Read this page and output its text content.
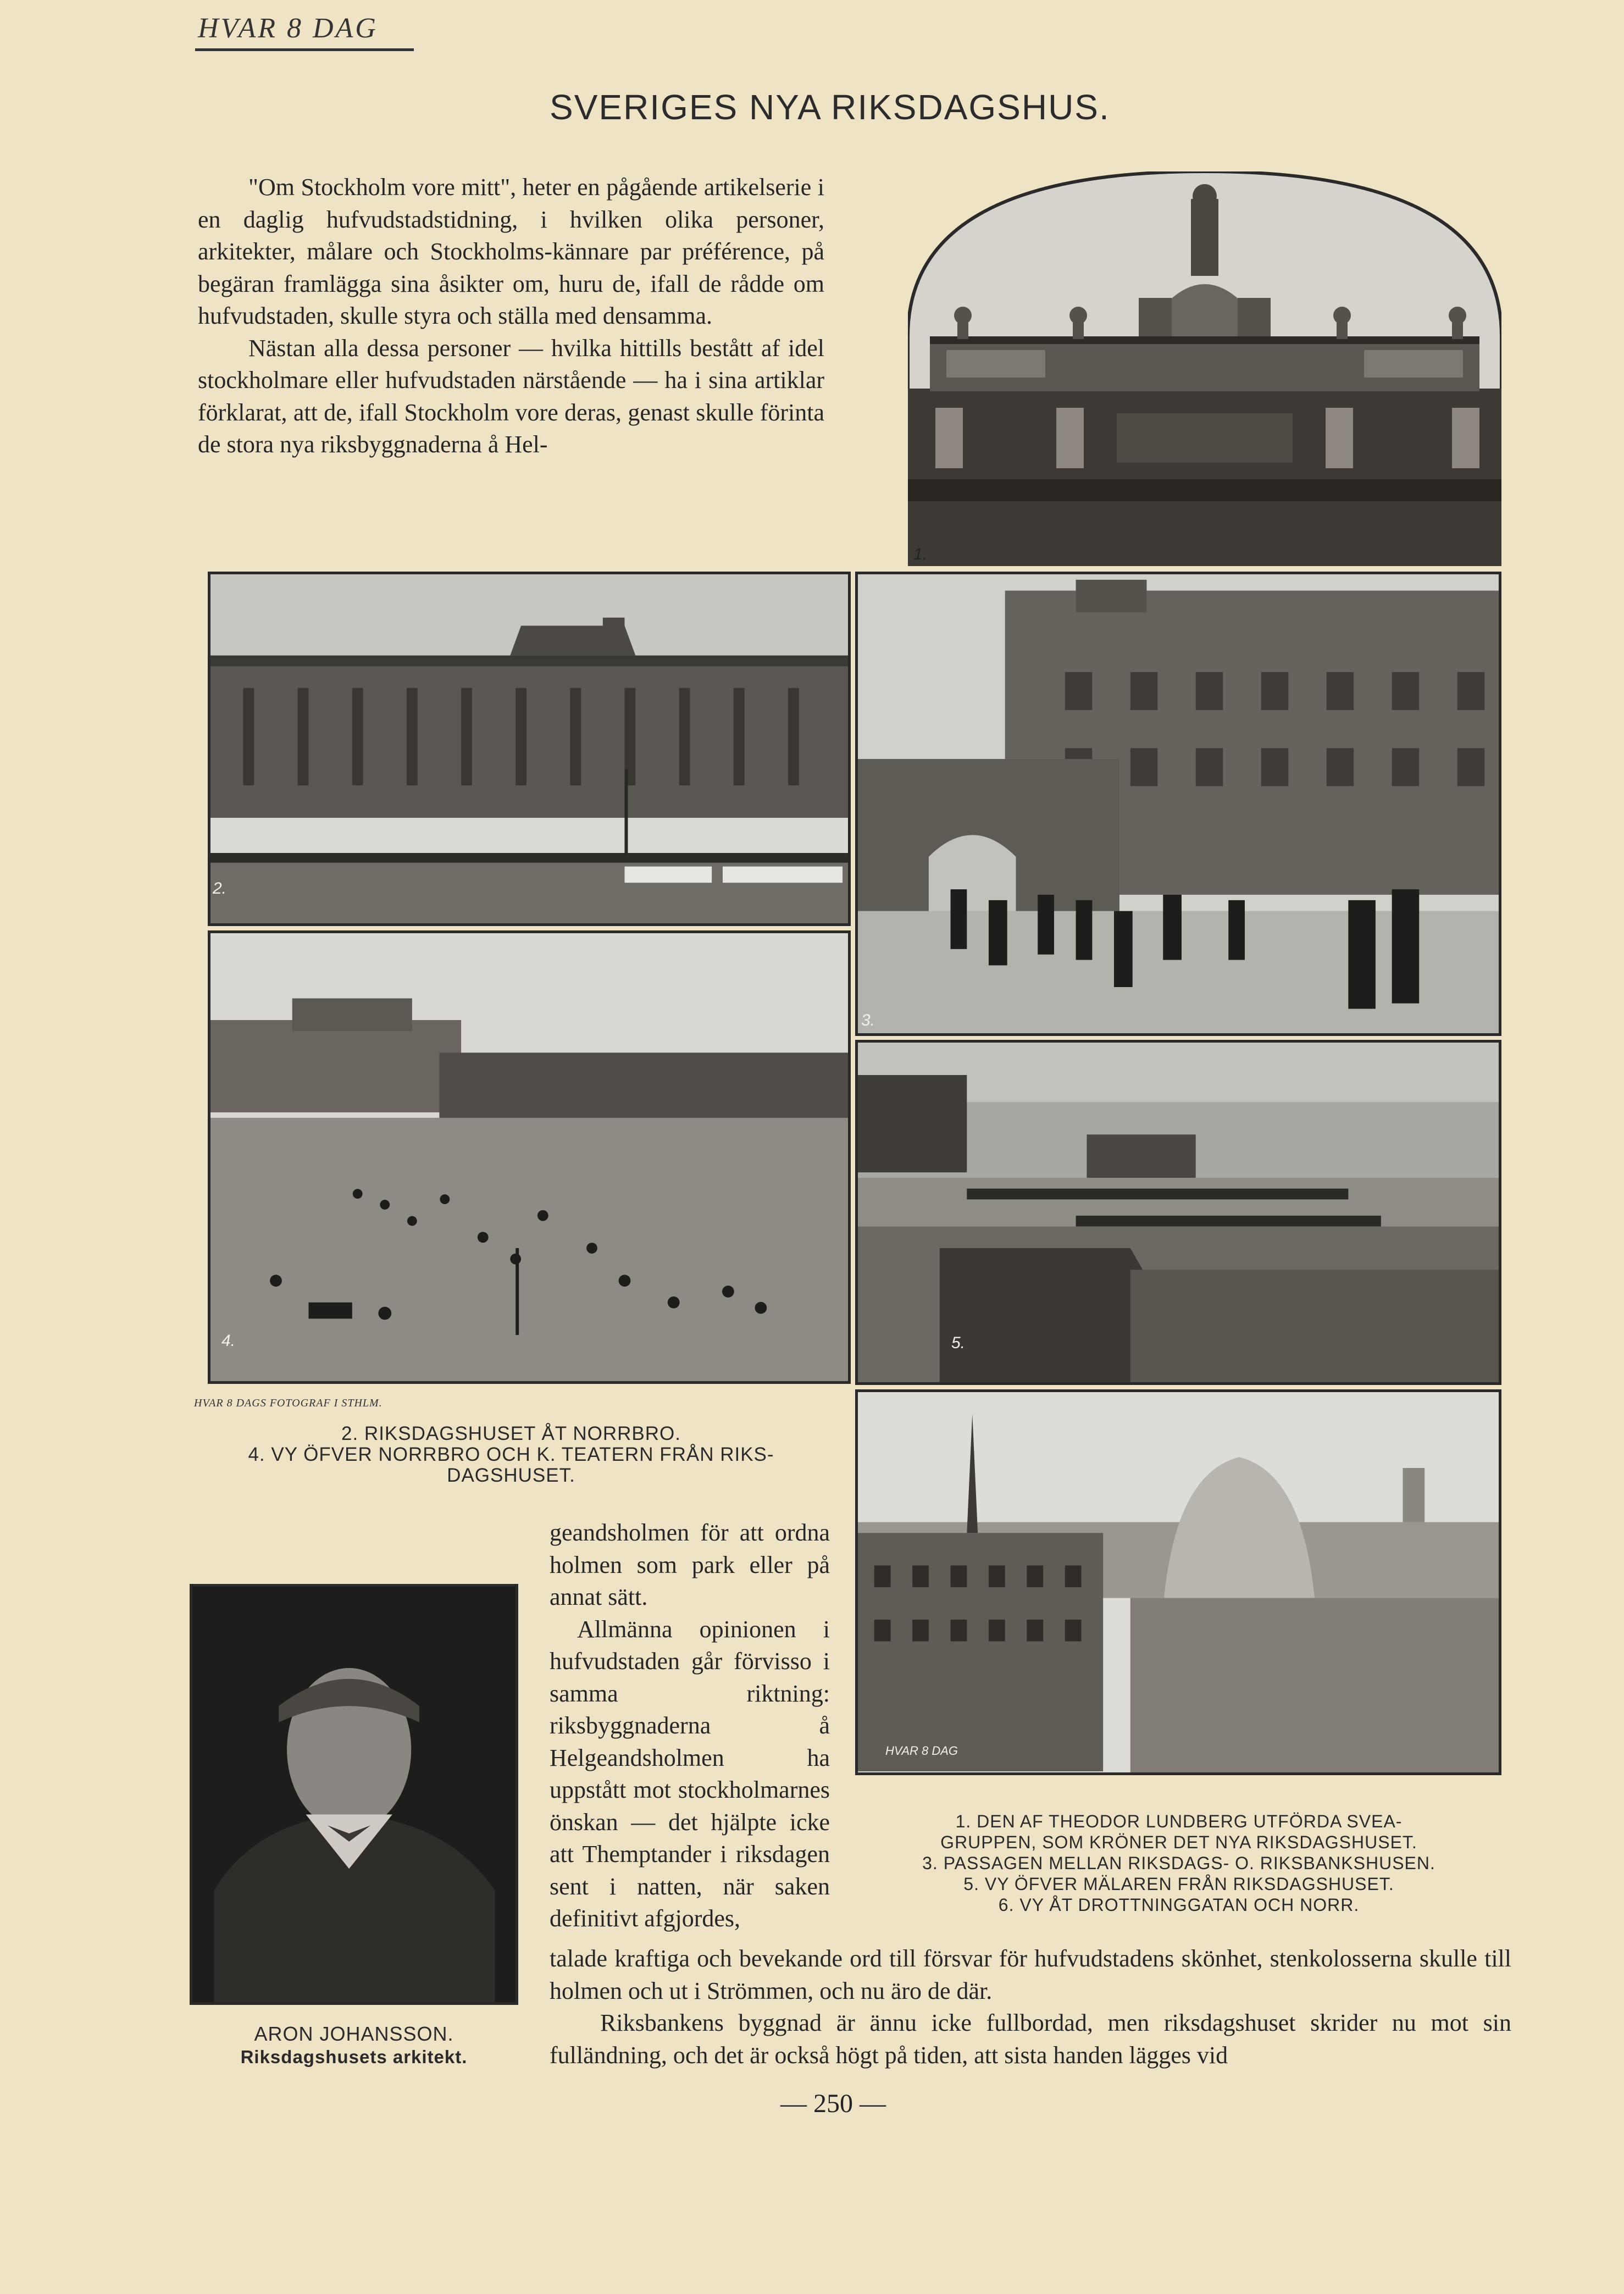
HVAR 8 DAG
SVERIGES NYA RIKSDAGSHUS.

"Om Stockholm vore mitt", heter en pågående artikelserie i en daglig hufvudstadstidning, i hvilken olika personer, arkitekter, målare och Stockholms-kännare par préférence, på begäran framlägga sina åsikter om, huru de, ifall de rådde om hufvudstaden, skulle styra och ställa med densamma.

Nästan alla dessa personer — hvilka hittills bestått af idel stockholmare eller hufvudstaden närstående — ha i sina artiklar förklarat, att de, ifall Stockholm vore deras, genast skulle förinta de stora nya riksbyggnaderna å Hel-

1.
2.
3.
4.	5.
HVAR 8 DAG
HVAR 8 DAGS FOTOGRAF I STHLM.
2. RIKSDAGSHUSET ÅT NORRBRO.
4. VY ÖFVER NORRBRO OCH K. TEATERN FRÅN RIKS-
DAGSHUSET.

geandsholmen för att ordna holmen som park eller på annat sätt.

Allmänna opinionen i hufvudstaden går förvisso i samma riktning: riksbyggnaderna å Helgeandsholmen ha uppstått mot stockholmarnes önskan — det hjälpte icke att Themptander i riksdagen sent i natten, när saken definitivt afgjordes,

ARON JOHANSSON.
Riksdagshusets arkitekt.
1. DEN AF THEODOR LUNDBERG UTFÖRDA SVEA-
GRUPPEN, SOM KRÖNER DET NYA RIKSDAGSHUSET.
3. PASSAGEN MELLAN RIKSDAGS- O. RIKSBANKSHUSEN.
5. VY ÖFVER MÄLAREN FRÅN RIKSDAGSHUSET.
6. VY ÅT DROTTNINGGATAN OCH NORR.

talade kraftiga och bevekande ord till försvar för hufvudstadens skönhet, stenkolosserna skulle till holmen och ut i Strömmen, och nu äro de där.

Riksbankens byggnad är ännu icke fullbordad, men riksdagshuset skrider nu mot sin fulländning, och det är också högt på tiden, att sista handen lägges vid

— 250 —
